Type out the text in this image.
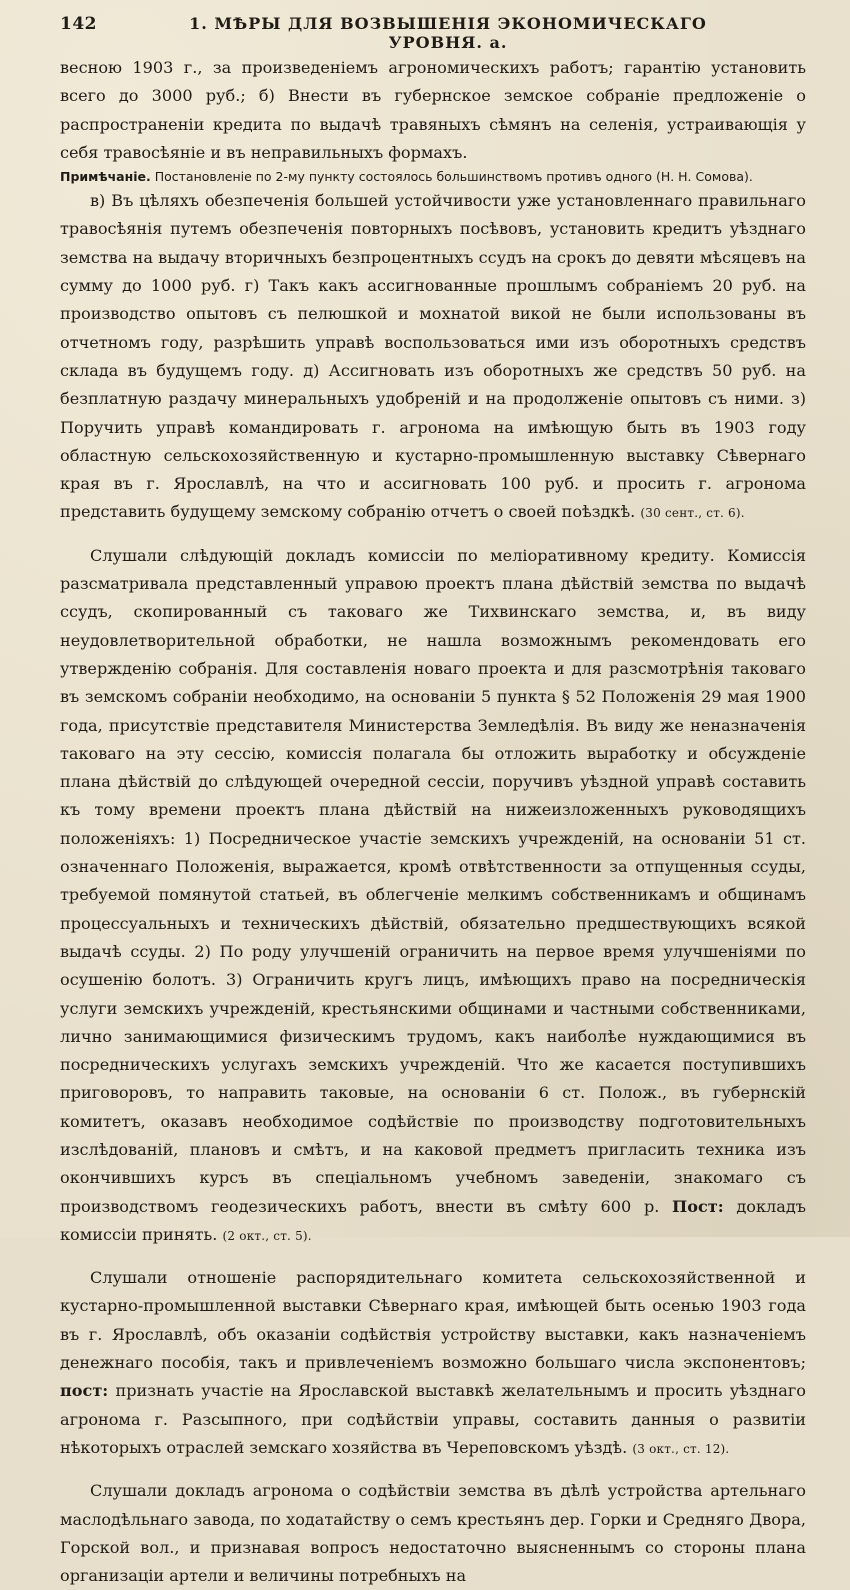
142	1. МѢРЫ ДЛЯ ВОЗВЫШЕНІЯ ЭКОНОМИЧЕСКАГО УРОВНЯ. а.

весною 1903 г., за произведеніемъ агрономическихъ работъ; гарантію установить всего до 3000 руб.; б) Внести въ губернское земское собраніе предложеніе о распространеніи кредита по выдачѣ травяныхъ сѣмянъ на селенія, устраивающія у себя травосѣяніе и въ неправильныхъ формахъ.

Примѣчаніе. Постановленіе по 2-му пункту состоялось большинствомъ противъ одного (Н. Н. Сомова).

в) Въ цѣляхъ обезпеченія большей устойчивости уже установленнаго правильнаго травосѣянія путемъ обезпеченія повторныхъ посѣвовъ, установить кредитъ уѣзднаго земства на выдачу вторичныхъ безпроцентныхъ ссудъ на срокъ до девяти мѣсяцевъ на сумму до 1000 руб. г) Такъ какъ ассигнованные прошлымъ собраніемъ 20 руб. на производство опытовъ съ пелюшкой и мохнатой викой не были использованы въ отчетномъ году, разрѣшить управѣ воспользоваться ими изъ оборотныхъ средствъ склада въ будущемъ году. д) Ассигновать изъ оборотныхъ же средствъ 50 руб. на безплатную раздачу минеральныхъ удобреній и на продолженіе опытовъ съ ними. з) Поручить управѣ командировать г. агронома на имѣющую быть въ 1903 году областную сельскохозяйственную и кустарно-промышленную выставку Сѣвернаго края въ г. Ярославлѣ, на что и ассигновать 100 руб. и просить г. агронома представить будущему земскому собранію отчетъ о своей поѣздкѣ. (30 сент., ст. 6).

Слушали слѣдующій докладъ комиссіи по меліоративному кредиту. Комиссія разсматривала представленный управою проектъ плана дѣйствій земства по выдачѣ ссудъ, скопированный съ таковаго же Тихвинскаго земства, и, въ виду неудовлетворительной обработки, не нашла возможнымъ рекомендовать его утвержденію собранія. Для составленія новаго проекта и для разсмотрѣнія таковаго въ земскомъ собраніи необходимо, на основаніи 5 пункта § 52 Положенія 29 мая 1900 года, присутствіе представителя Министерства Земледѣлія. Въ виду же неназначенія таковаго на эту сессію, комиссія полагала бы отложить выработку и обсужденіе плана дѣйствій до слѣдующей очередной сессіи, поручивъ уѣздной управѣ составить къ тому времени проектъ плана дѣйствій на нижеизложенныхъ руководящихъ положеніяхъ: 1) Посредническое участіе земскихъ учрежденій, на основаніи 51 ст. означеннаго Положенія, выражается, кромѣ отвѣтственности за отпущенныя ссуды, требуемой помянутой статьей, въ облегченіе мелкимъ собственникамъ и общинамъ процессуальныхъ и техническихъ дѣйствій, обязательно предшествующихъ всякой выдачѣ ссуды. 2) По роду улучшеній ограничить на первое время улучшеніями по осушенію болотъ. 3) Ограничить кругъ лицъ, имѣющихъ право на посредническія услуги земскихъ учрежденій, крестьянскими общинами и частными собственниками, лично занимающимися физическимъ трудомъ, какъ наиболѣе нуждающимися въ посредническихъ услугахъ земскихъ учрежденій. Что же касается поступившихъ приговоровъ, то направить таковые, на основаніи 6 ст. Полож., въ губернскій комитетъ, оказавъ необходимое содѣйствіе по производству подготовительныхъ изслѣдованій, плановъ и смѣтъ, и на каковой предметъ пригласить техника изъ окончившихъ курсъ въ спеціальномъ учебномъ заведеніи, знакомаго съ производствомъ геодезическихъ работъ, внести въ смѣту 600 р. Пост: докладъ комиссіи принять. (2 окт., ст. 5).

Слушали отношеніе распорядительнаго комитета сельскохозяйственной и кустарно-промышленной выставки Сѣвернаго края, имѣющей быть осенью 1903 года въ г. Ярославлѣ, объ оказаніи содѣйствія устройству выставки, какъ назначеніемъ денежнаго пособія, такъ и привлеченіемъ возможно большаго числа экспонентовъ; пост: признать участіе на Ярославской выставкѣ желательнымъ и просить уѣзднаго агронома г. Разсыпного, при содѣйствіи управы, составить данныя о развитіи нѣкоторыхъ отраслей земскаго хозяйства въ Череповскомъ уѣздѣ. (3 окт., ст. 12).

Слушали докладъ агронома о содѣйствіи земства въ дѣлѣ устройства артельнаго маслодѣльнаго завода, по ходатайству о семъ крестьянъ дер. Горки и Средняго Двора, Горской вол., и признавая вопросъ недостаточно выясненнымъ со стороны плана организаціи артели и величины потребныхъ на
